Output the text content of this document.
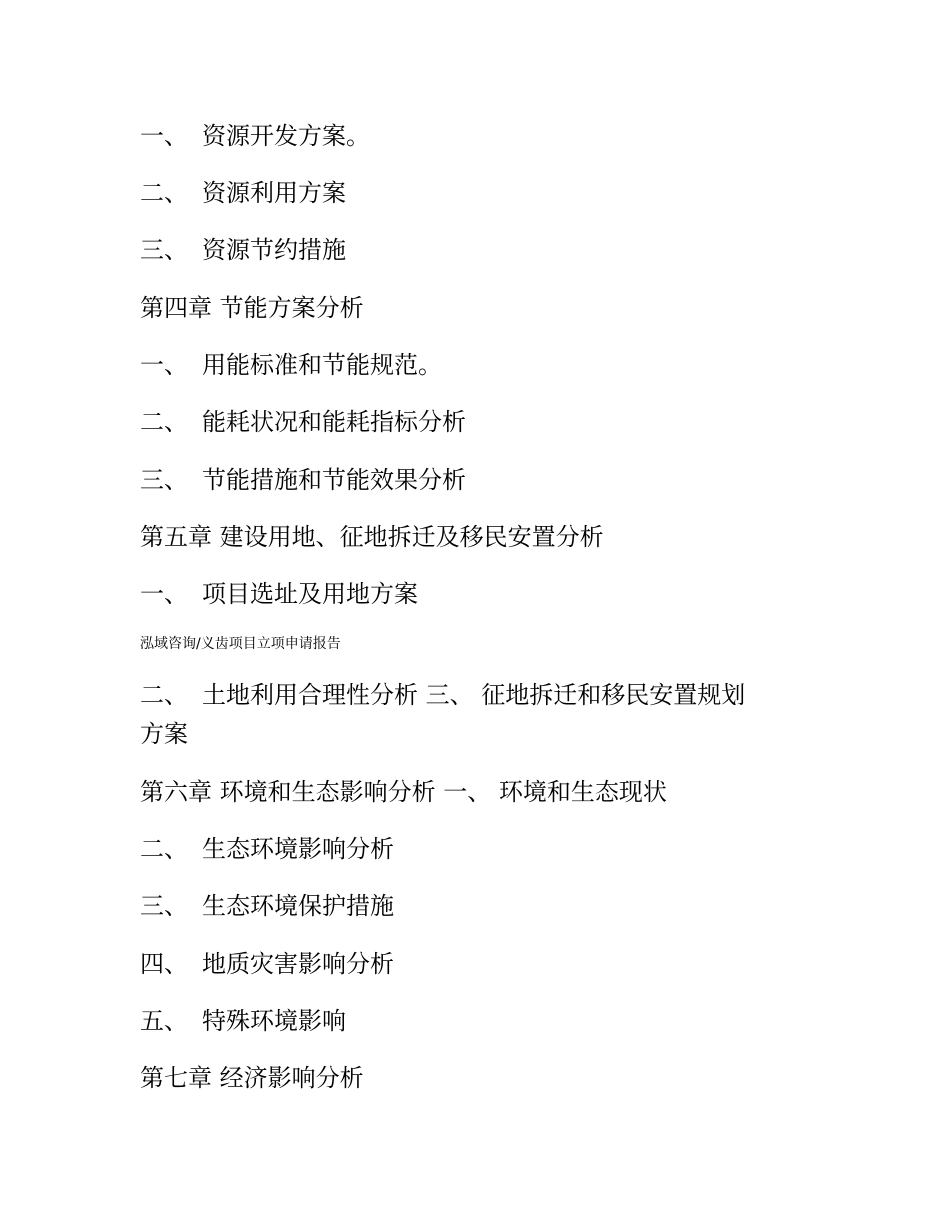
一、 资源开发方案。

二、 资源利用方案

三、 资源节约措施

第四章 节能方案分析

一、 用能标准和节能规范。

二、 能耗状况和能耗指标分析

三、 节能措施和节能效果分析

第五章 建设用地、征地拆迁及移民安置分析

一、 项目选址及用地方案

泓域咨询/义齿项目立项申请报告

二、 土地利用合理性分析 三、 征地拆迁和移民安置规划

方案

第六章 环境和生态影响分析 一、 环境和生态现状

二、 生态环境影响分析

三、 生态环境保护措施

四、 地质灾害影响分析

五、 特殊环境影响

第七章 经济影响分析
